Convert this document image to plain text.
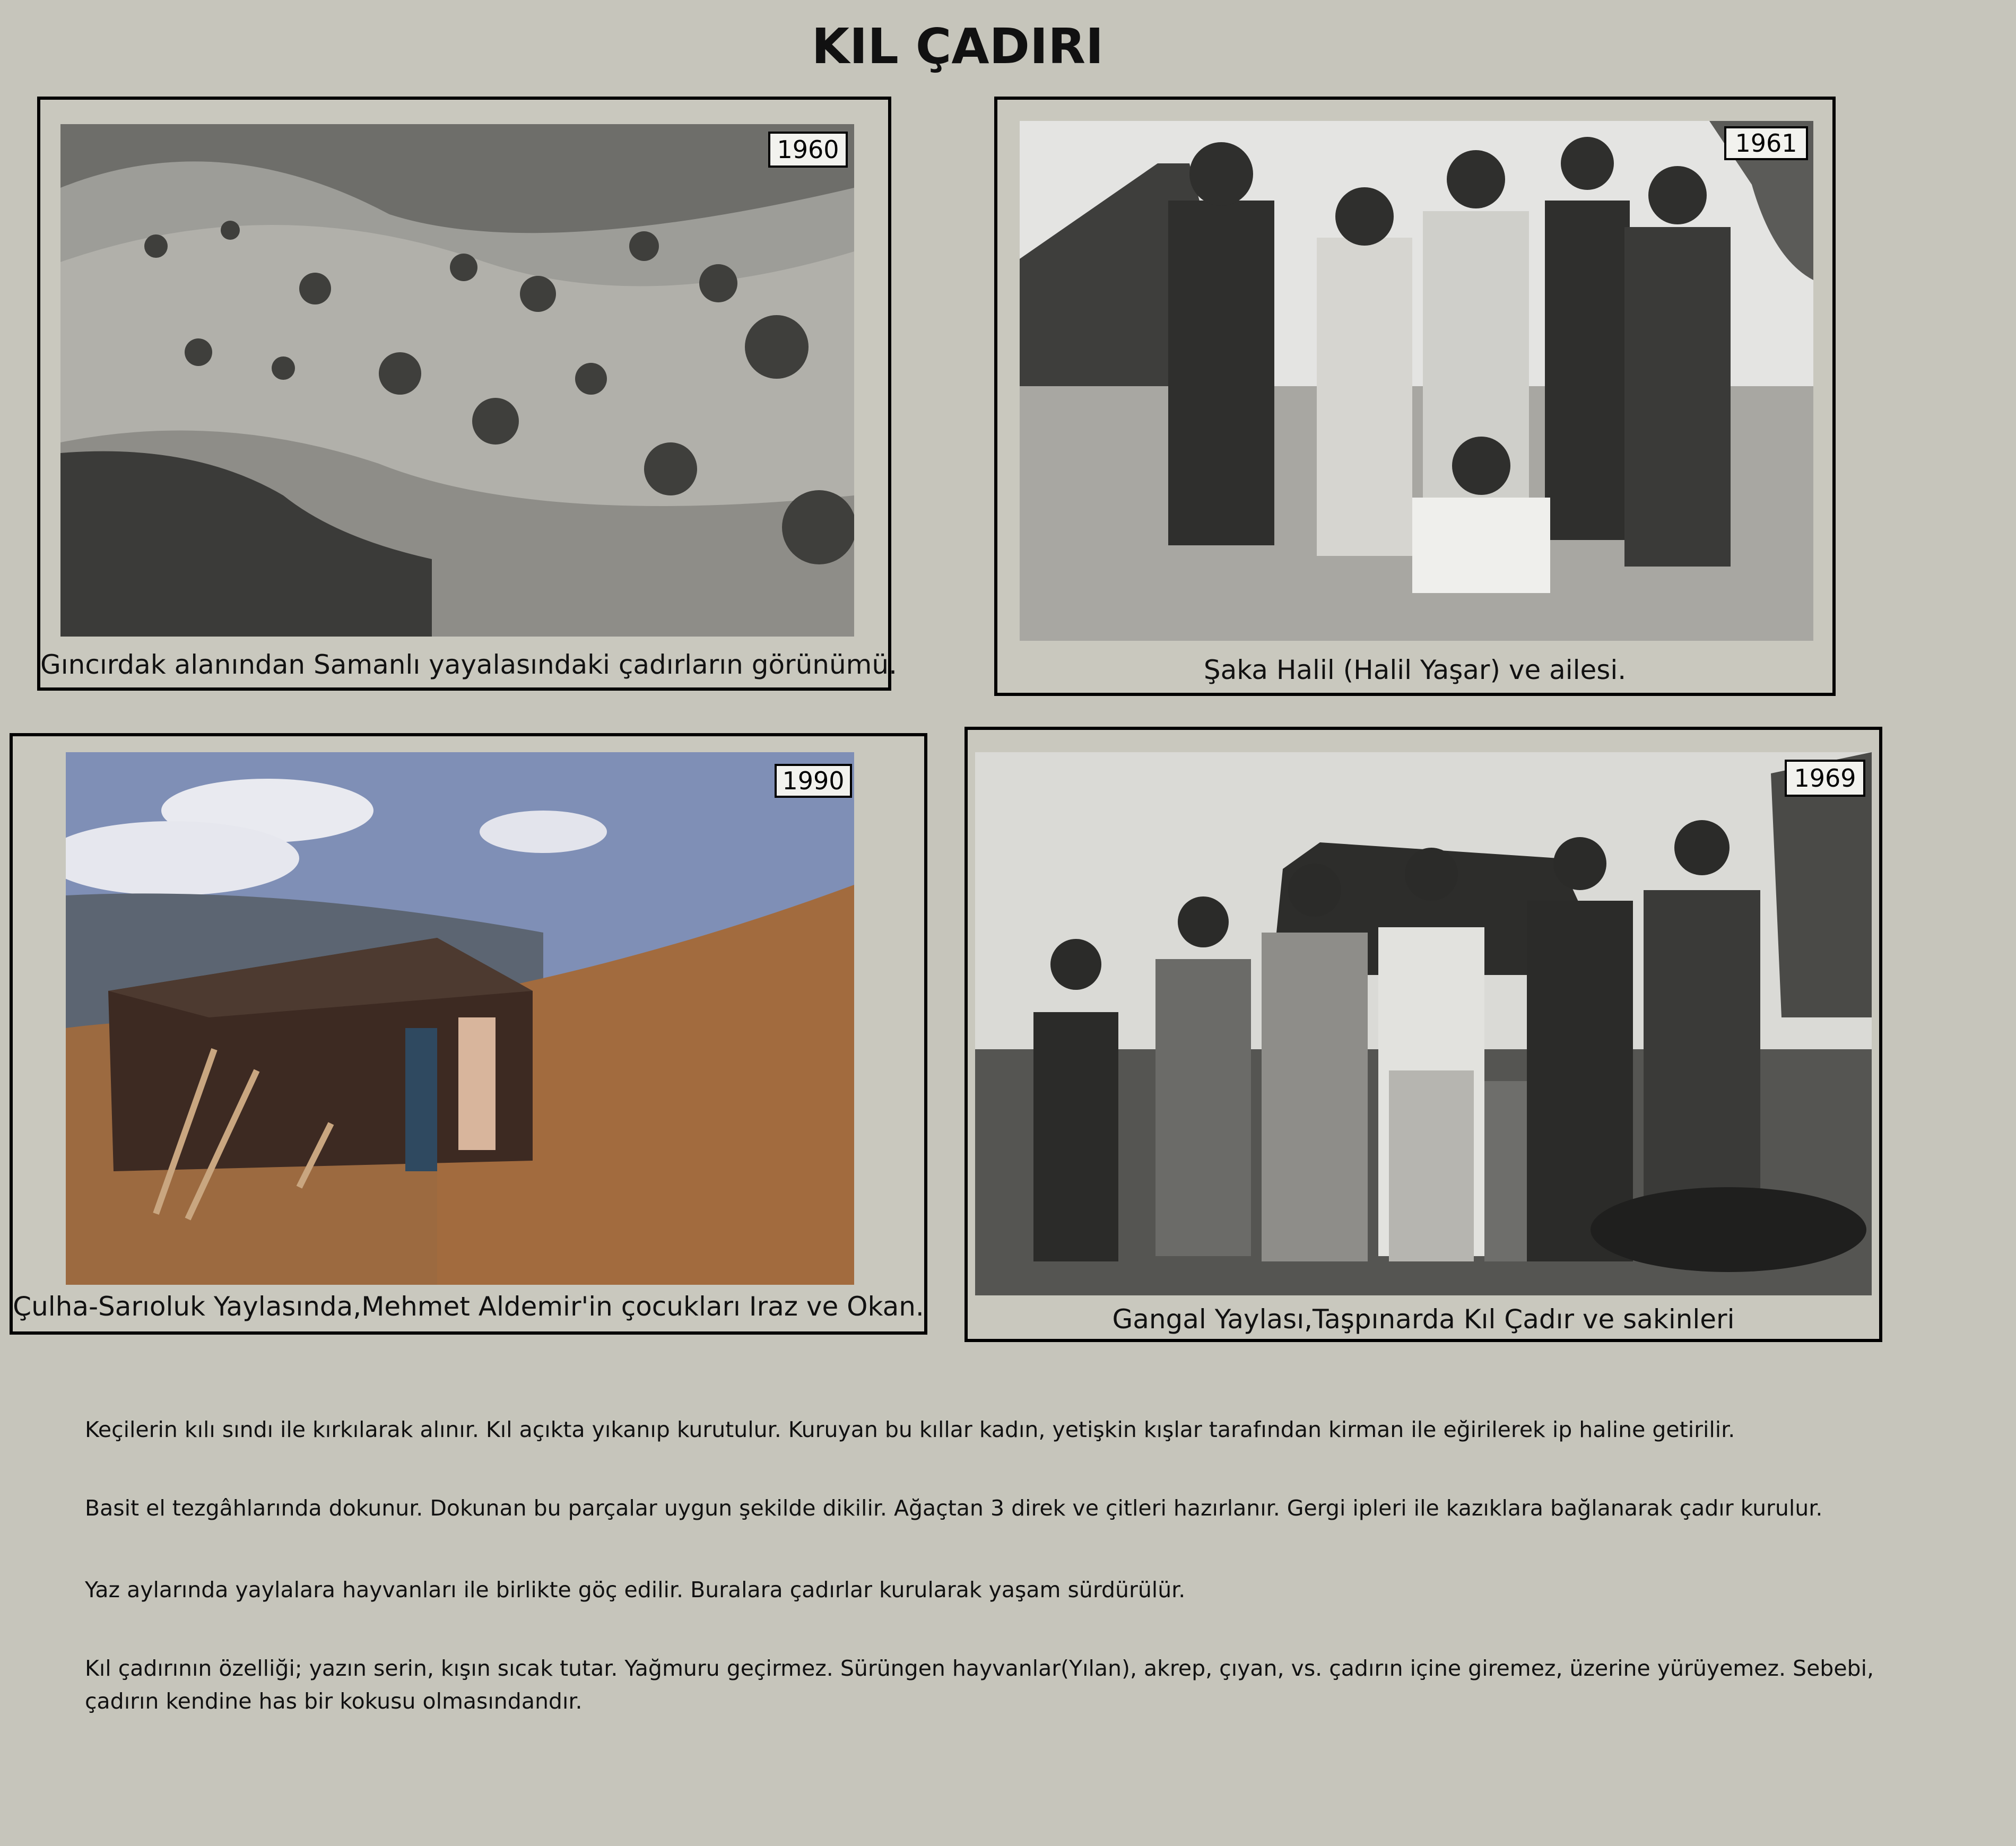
KIL ÇADIRI
1960
Gıncırdak alanından Samanlı yayalasındaki çadırların görünümü.
1961
Şaka Halil (Halil Yaşar) ve ailesi.
1990
Çulha-Sarıoluk Yaylasında,Mehmet Aldemir'in çocukları Iraz ve Okan.
1969
Gangal Yaylası,Taşpınarda Kıl Çadır ve sakinleri
Keçilerin kılı sındı ile kırkılarak alınır. Kıl açıkta yıkanıp kurutulur. Kuruyan bu kıllar kadın, yetişkin kışlar tarafından kirman ile eğirilerek ip haline getirilir.
Basit el tezgâhlarında dokunur. Dokunan bu parçalar uygun şekilde dikilir. Ağaçtan 3 direk ve çitleri hazırlanır. Gergi ipleri ile kazıklara bağlanarak çadır kurulur.
Yaz aylarında yaylalara hayvanları ile birlikte göç edilir. Buralara çadırlar kurularak yaşam sürdürülür.
Kıl çadırının özelliği; yazın serin, kışın sıcak tutar. Yağmuru geçirmez. Sürüngen hayvanlar(Yılan), akrep, çıyan, vs. çadırın içine giremez, üzerine yürüyemez. Sebebi, çadırın kendine has bir kokusu olmasındandır.
